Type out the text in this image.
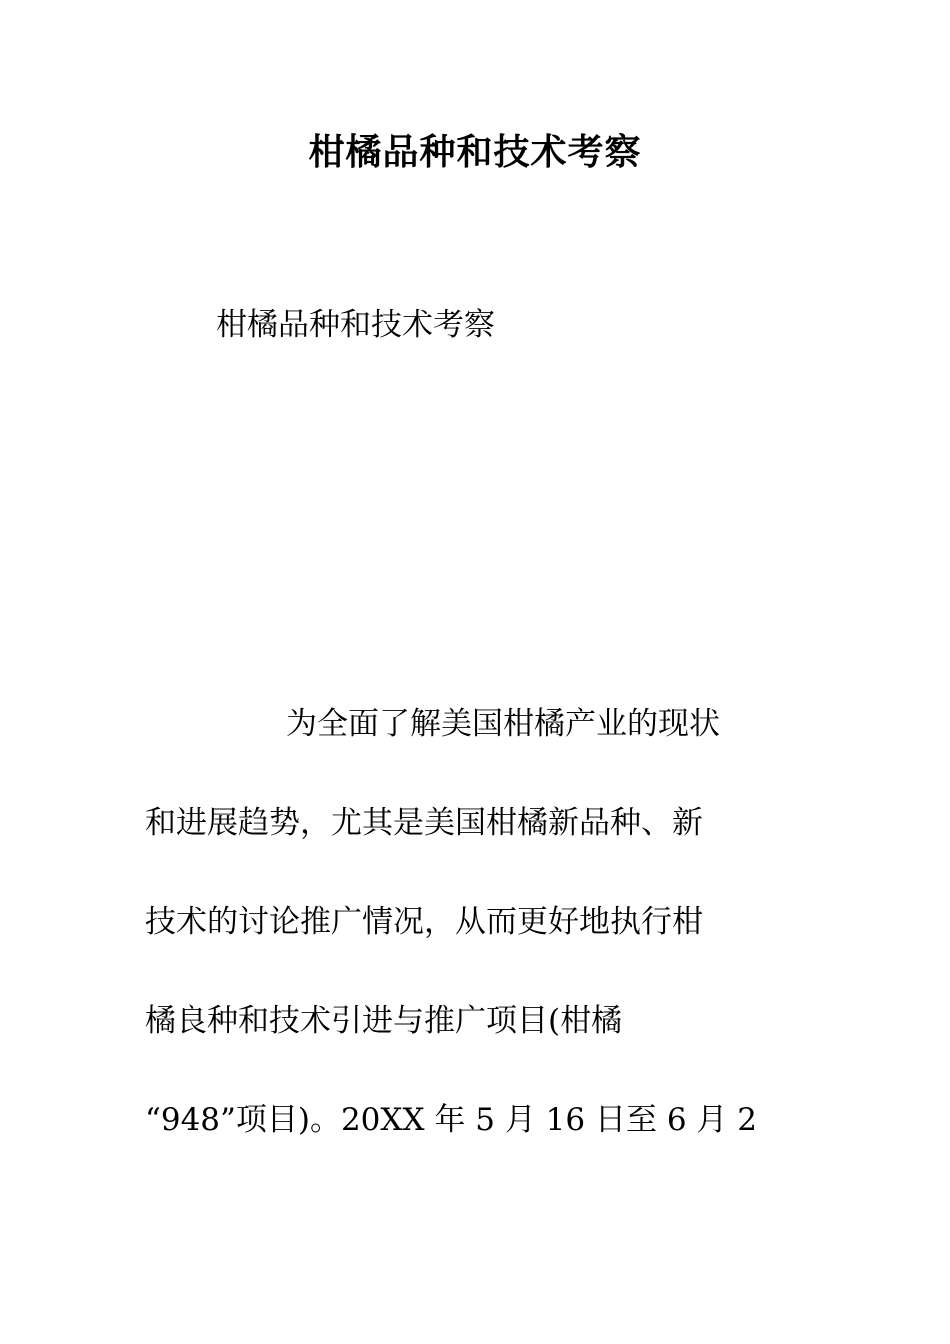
柑橘品种和技术考察

柑橘品种和技术考察

为全面了解美国柑橘产业的现状

和进展趋势，尤其是美国柑橘新品种、新

技术的讨论推广情况，从而更好地执行柑

橘良种和技术引进与推广项目(柑橘

“948”项目)。20XX 年 5 月 16 日至 6 月 2
